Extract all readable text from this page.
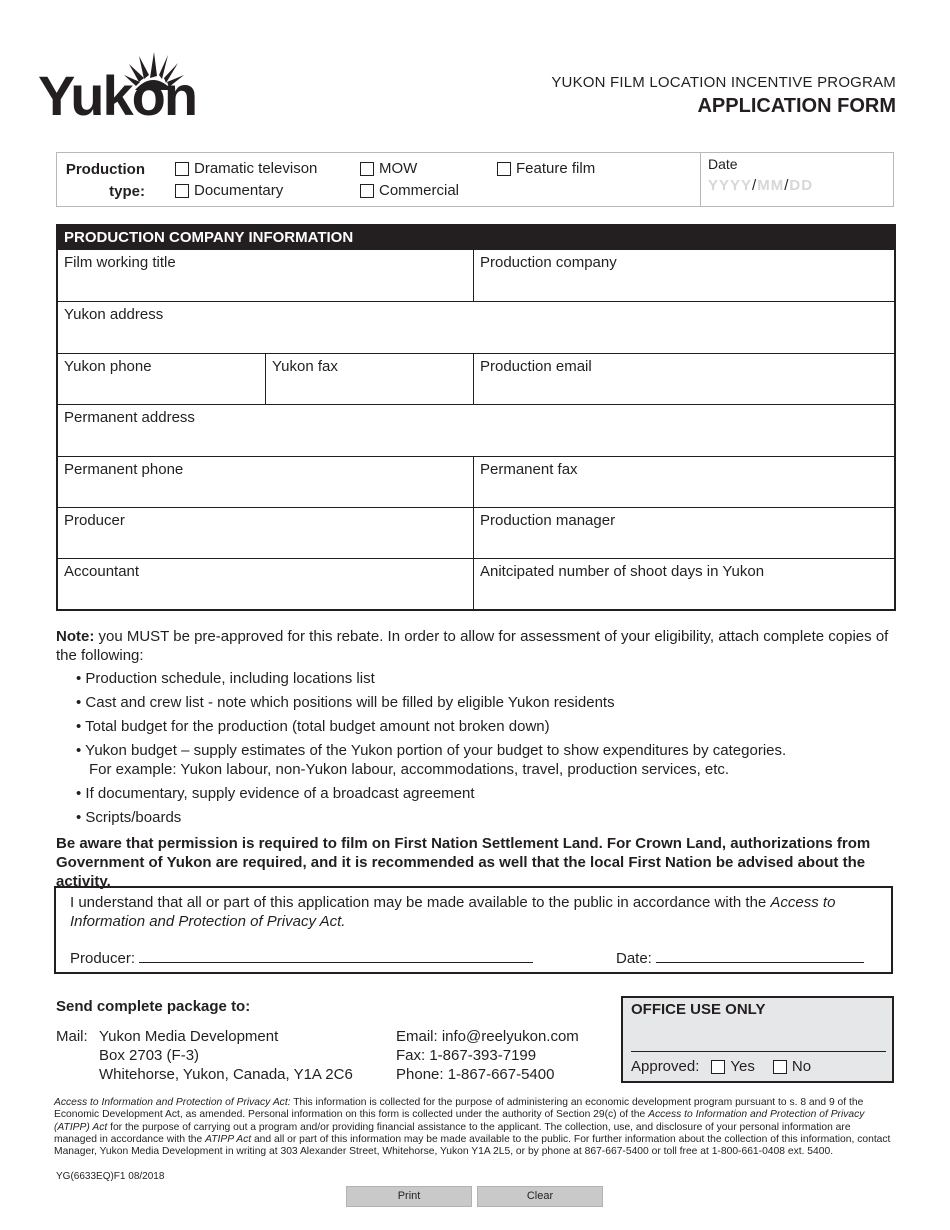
Yukon	YUKON FILM LOCATION INCENTIVE PROGRAM
APPLICATION FORM
Production
type:
Dramatic televison	MOW	Feature film
Documentary	Commercial
Date
YYYY/MM/DD
PRODUCTION COMPANY INFORMATION
Film working title	Production company
Yukon address
Yukon phone	Yukon fax	Production email
Permanent address
Permanent phone	Permanent fax
Producer	Production manager
Accountant	Anitcipated number of shoot days in Yukon
Note: you MUST be pre-approved for this rebate. In order to allow for assessment of your eligibility, attach complete copies of the following:
• Production schedule, including locations list
• Cast and crew list - note which positions will be filled by eligible Yukon residents
• Total budget for the production (total budget amount not broken down)
• Yukon budget – supply estimates of the Yukon portion of your budget to show expenditures by categories.
For example: Yukon labour, non-Yukon labour, accommodations, travel, production services, etc.
• If documentary, supply evidence of a broadcast agreement
• Scripts/boards
Be aware that permission is required to film on First Nation Settlement Land. For Crown Land, authorizations from Government of Yukon are required, and it is recommended as well that the local First Nation be advised about the activity.
I understand that all or part of this application may be made available to the public in accordance with the Access to Information and Protection of Privacy Act.
Producer:	Date:
Send complete package to:
Mail: Yukon Media Development
Box 2703 (F-3)
Whitehorse, Yukon, Canada, Y1A 2C6
Email: info@reelyukon.com
Fax: 1-867-393-7199
Phone: 1-867-667-5400
OFFICE USE ONLY
Approved: Yes No
Access to Information and Protection of Privacy Act: This information is collected for the purpose of administering an economic development program pursuant to s. 8 and 9 of the Economic Development Act, as amended. Personal information on this form is collected under the authority of Section 29(c) of the Access to Information and Protection of Privacy (ATIPP) Act for the purpose of carrying out a program and/or providing financial assistance to the applicant. The collection, use, and disclosure of your personal information are managed in accordance with the ATIPP Act and all or part of this information may be made available to the public. For further information about the collection of this information, contact Manager, Yukon Media Development in writing at 303 Alexander Street, Whitehorse, Yukon Y1A 2L5, or by phone at 867-667-5400 or toll free at 1-800-661-0408 ext. 5400.
YG(6633EQ)F1 08/2018
Print	Clear
